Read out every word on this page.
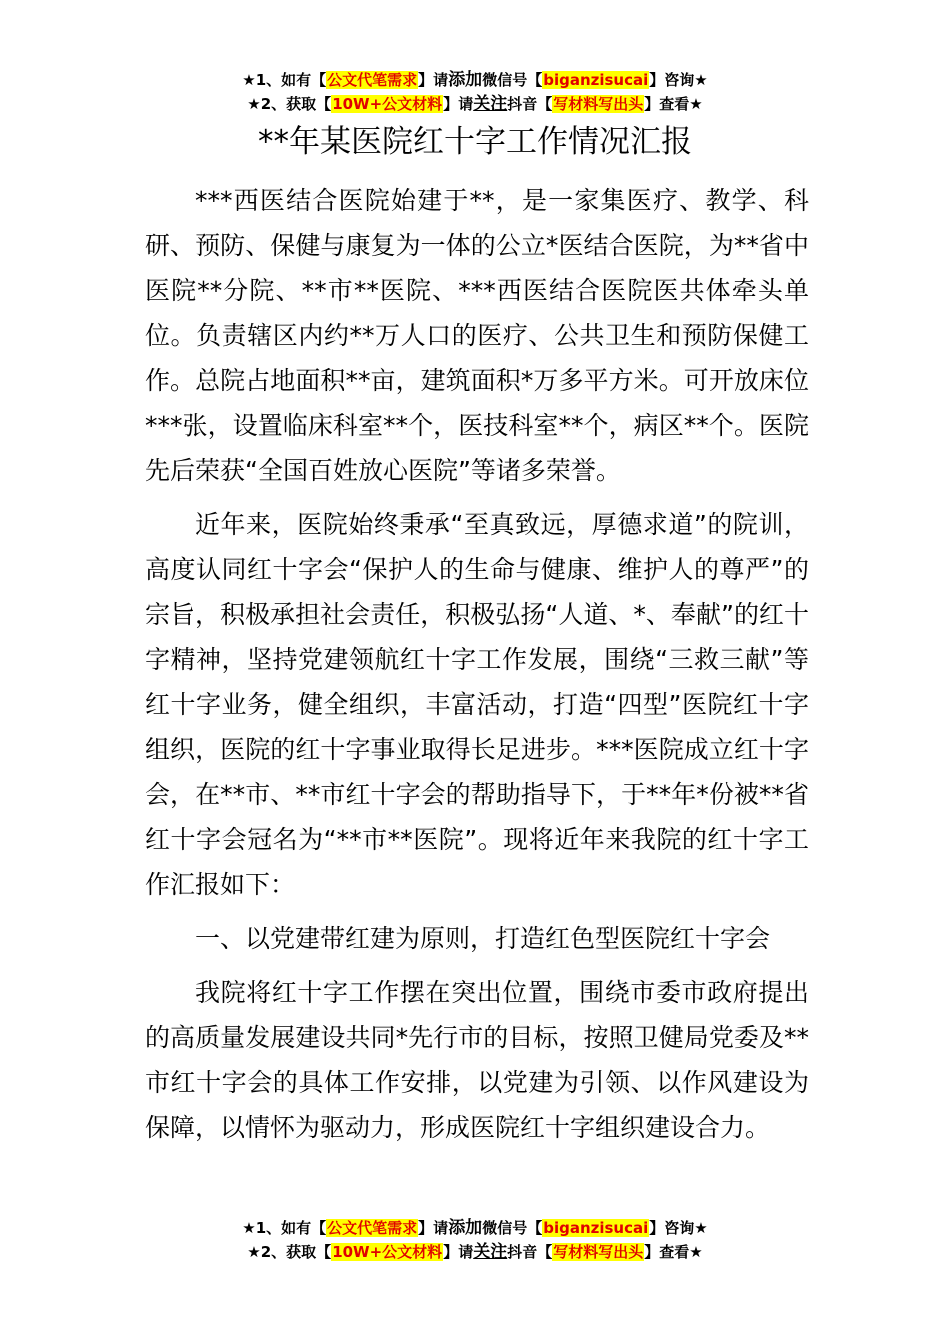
★1、如有【公文代笔需求】请添加微信号【biganzisucai】咨询★
★2、获取【10W+公文材料】请关注抖音【写材料写出头】查看★
**年某医院红十字工作情况汇报

***西医结合医院始建于**，是一家集医疗、教学、科研、预防、保健与康复为一体的公立*医结合医院，为**省中医院**分院、**市**医院、***西医结合医院医共体牵头单位。负责辖区内约**万人口的医疗、公共卫生和预防保健工作。总院占地面积**亩，建筑面积*万多平方米。可开放床位***张，设置临床科室**个，医技科室**个，病区**个。医院先后荣获“全国百姓放心医院”等诸多荣誉。

近年来，医院始终秉承“至真致远，厚德求道”的院训，高度认同红十字会“保护人的生命与健康、维护人的尊严”的宗旨，积极承担社会责任，积极弘扬“人道、*、奉献”的红十字精神，坚持党建领航红十字工作发展，围绕“三救三献”等红十字业务，健全组织，丰富活动，打造“四型”医院红十字组织，医院的红十字事业取得长足进步。***医院成立红十字会，在**市、**市红十字会的帮助指导下，于**年*份被**省红十字会冠名为“**市**医院”。现将近年来我院的红十字工作汇报如下：

一、以党建带红建为原则，打造红色型医院红十字会

我院将红十字工作摆在突出位置，围绕市委市政府提出的高质量发展建设共同*先行市的目标，按照卫健局党委及**市红十字会的具体工作安排，以党建为引领、以作风建设为保障，以情怀为驱动力，形成医院红十字组织建设合力。

★1、如有【公文代笔需求】请添加微信号【biganzisucai】咨询★
★2、获取【10W+公文材料】请关注抖音【写材料写出头】查看★
